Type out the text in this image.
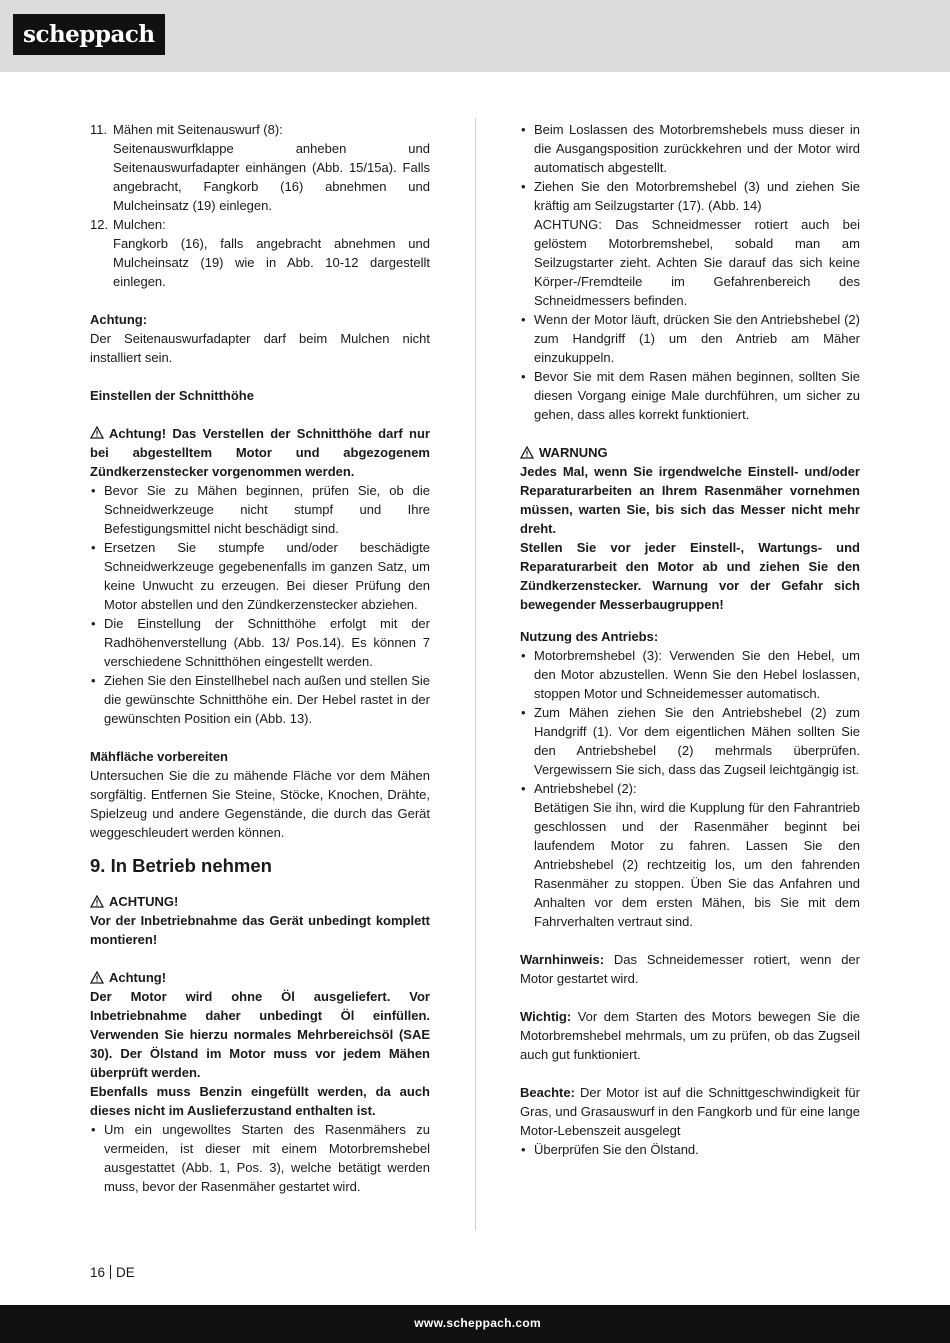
scheppach
11. Mähen mit Seitenauswurf (8):

Seitenauswurfklappe anheben und Seitenauswurfadapter einhängen (Abb. 15/15a). Falls angebracht, Fangkorb (16) abnehmen und Mulcheinsatz (19) einlegen.

12. Mulchen:

Fangkorb (16), falls angebracht abnehmen und Mulcheinsatz (19) wie in Abb. 10-12 dargestellt einlegen.

Achtung:

Der Seitenauswurfadapter darf beim Mulchen nicht installiert sein.

Einstellen der Schnitthöhe

Achtung! Das Verstellen der Schnitthöhe darf nur bei abgestelltem Motor und abgezogenem Zündkerzenstecker vorgenommen werden.

• Bevor Sie zu Mähen beginnen, prüfen Sie, ob die Schneidwerkzeuge nicht stumpf und Ihre Befestigungsmittel nicht beschädigt sind.
• Ersetzen Sie stumpfe und/oder beschädigte Schneidwerkzeuge gegebenenfalls im ganzen Satz, um keine Unwucht zu erzeugen. Bei dieser Prüfung den Motor abstellen und den Zündkerzenstecker abziehen.
• Die Einstellung der Schnitthöhe erfolgt mit der Radhöhenverstellung (Abb. 13/ Pos.14). Es können 7 verschiedene Schnitthöhen eingestellt werden.
• Ziehen Sie den Einstellhebel nach außen und stellen Sie die gewünschte Schnitthöhe ein. Der Hebel rastet in der gewünschten Position ein (Abb. 13).

Mähfläche vorbereiten

Untersuchen Sie die zu mähende Fläche vor dem Mähen sorgfältig. Entfernen Sie Steine, Stöcke, Knochen, Drähte, Spielzeug und andere Gegenstände, die durch das Gerät weggeschleudert werden können.

9. In Betrieb nehmen
ACHTUNG!

Vor der Inbetriebnahme das Gerät unbedingt komplett montieren!

Achtung!

Der Motor wird ohne Öl ausgeliefert. Vor Inbetriebnahme daher unbedingt Öl einfüllen. Verwenden Sie hierzu normales Mehrbereichsöl (SAE 30). Der Ölstand im Motor muss vor jedem Mähen überprüft werden.

Ebenfalls muss Benzin eingefüllt werden, da auch dieses nicht im Auslieferzustand enthalten ist.

• Um ein ungewolltes Starten des Rasenmähers zu vermeiden, ist dieser mit einem Motorbremshebel ausgestattet (Abb. 1, Pos. 3), welche betätigt werden muss, bevor der Rasenmäher gestartet wird.
• Beim Loslassen des Motorbremshebels muss dieser in die Ausgangsposition zurückkehren und der Motor wird automatisch abgestellt.
• Ziehen Sie den Motorbremshebel (3) und ziehen Sie kräftig am Seilzugstarter (17). (Abb. 14)
ACHTUNG: Das Schneidmesser rotiert auch bei gelöstem Motorbremshebel, sobald man am Seilzugstarter zieht. Achten Sie darauf das sich keine Körper-/Fremdteile im Gefahrenbereich des Schneidmessers befinden.
• Wenn der Motor läuft, drücken Sie den Antriebshebel (2) zum Handgriff (1) um den Antrieb am Mäher einzukuppeln.
• Bevor Sie mit dem Rasen mähen beginnen, sollten Sie diesen Vorgang einige Male durchführen, um sicher zu gehen, dass alles korrekt funktioniert.
WARNUNG

Jedes Mal, wenn Sie irgendwelche Einstell- und/oder Reparaturarbeiten an Ihrem Rasenmäher vornehmen müssen, warten Sie, bis sich das Messer nicht mehr dreht.

Stellen Sie vor jeder Einstell-, Wartungs- und Reparaturarbeit den Motor ab und ziehen Sie den Zündkerzenstecker. Warnung vor der Gefahr sich bewegender Messerbaugruppen!

Nutzung des Antriebs:

• Motorbremshebel (3): Verwenden Sie den Hebel, um den Motor abzustellen. Wenn Sie den Hebel loslassen, stoppen Motor und Schneidemesser automatisch.
• Zum Mähen ziehen Sie den Antriebshebel (2) zum Handgriff (1). Vor dem eigentlichen Mähen sollten Sie den Antriebshebel (2) mehrmals überprüfen. Vergewissern Sie sich, dass das Zugseil leichtgängig ist.
• Antriebshebel (2):
Betätigen Sie ihn, wird die Kupplung für den Fahrantrieb geschlossen und der Rasenmäher beginnt bei laufendem Motor zu fahren. Lassen Sie den Antriebshebel (2) rechtzeitig los, um den fahrenden Rasenmäher zu stoppen. Üben Sie das Anfahren und Anhalten vor dem ersten Mähen, bis Sie mit dem Fahrverhalten vertraut sind.

Warnhinweis: Das Schneidemesser rotiert, wenn der Motor gestartet wird.

Wichtig: Vor dem Starten des Motors bewegen Sie die Motorbremshebel mehrmals, um zu prüfen, ob das Zugseil auch gut funktioniert.

Beachte: Der Motor ist auf die Schnittgeschwindigkeit für Gras, und Grasauswurf in den Fangkorb und für eine lange Motor-Lebenszeit ausgelegt

• Überprüfen Sie den Ölstand.
16 DE
www.scheppach.com
